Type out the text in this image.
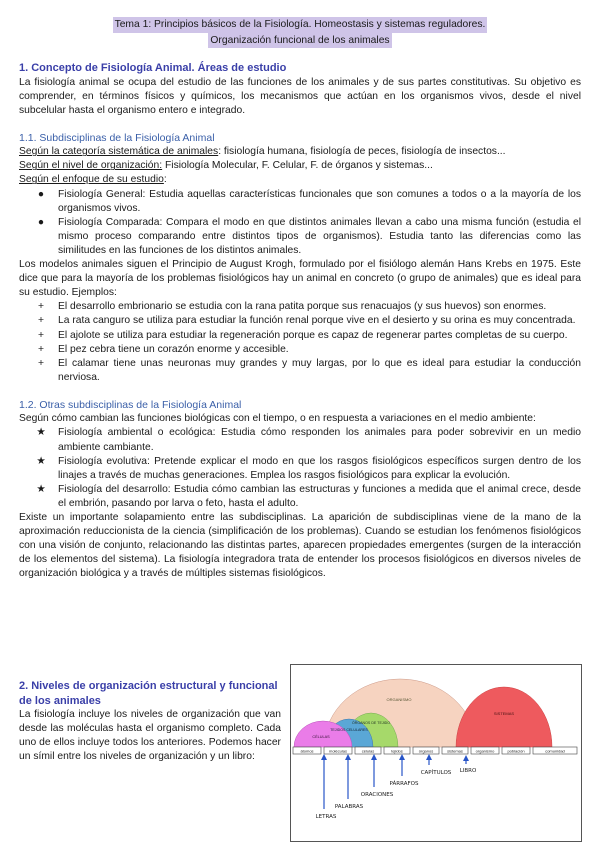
Tema 1: Principios básicos de la Fisiología. Homeostasis y sistemas reguladores.
Organización funcional de los animales
1. Concepto de Fisiología Animal. Áreas de estudio

La fisiología animal se ocupa del estudio de las funciones de los animales y de sus partes constitutivas. Su objetivo es comprender, en términos físicos y químicos, los mecanismos que actúan en los organismos vivos, desde el nivel subcelular hasta el organismo entero e integrado.

1.1. Subdisciplinas de la Fisiología Animal

Según la categoría sistemática de animales: fisiología humana, fisiología de peces, fisiología de insectos...

Según el nivel de organización: Fisiología Molecular, F. Celular, F. de órganos y sistemas...

Según el enfoque de su estudio:

●	Fisiología General: Estudia aquellas características funcionales que son comunes a todos o a la mayoría de los organismos vivos.
●	Fisiología Comparada: Compara el modo en que distintos animales llevan a cabo una misma función (estudia el mismo proceso comparando entre distintos tipos de organismos). Estudia tanto las diferencias como las similitudes en las funciones de los distintos animales.

Los modelos animales siguen el Principio de August Krogh, formulado por el fisiólogo alemán Hans Krebs en 1975. Este dice que para la mayoría de los problemas fisiológicos hay un animal en concreto (o grupo de animales) que es ideal para su estudio. Ejemplos:

+	El desarrollo embrionario se estudia con la rana patita porque sus renacuajos (y sus huevos) son enormes.
+	La rata canguro se utiliza para estudiar la función renal porque vive en el desierto y su orina es muy concentrada.
+	El ajolote se utiliza para estudiar la regeneración porque es capaz de regenerar partes completas de su cuerpo.
+	El pez cebra tiene un corazón enorme y accesible.
+	El calamar tiene unas neuronas muy grandes y muy largas, por lo que es ideal para estudiar la conducción nerviosa.
1.2. Otras subdisciplinas de la Fisiología Animal

Según cómo cambian las funciones biológicas con el tiempo, o en respuesta a variaciones en el medio ambiente:

★	Fisiología ambiental o ecológica: Estudia cómo responden los animales para poder sobrevivir en un medio ambiente cambiante.
★	Fisiología evolutiva: Pretende explicar el modo en que los rasgos fisiológicos específicos surgen dentro de los linajes a través de muchas generaciones. Emplea los rasgos fisiológicos para explicar la evolución.
★	Fisiología del desarrollo: Estudia cómo cambian las estructuras y funciones a medida que el animal crece, desde el embrión, pasando por larva o feto, hasta el adulto.

Existe un importante solapamiento entre las subdisciplinas. La aparición de subdisciplinas viene de la mano de la aproximación reduccionista de la ciencia (simplificación de los problemas). Cuando se estudian los fenómenos fisiológicos con una visión de conjunto, relacionando las distintas partes, aparecen propiedades emergentes (surgen de la interacción de los elementos del sistema). La fisiología integradora trata de entender los procesos fisiológicos en diversos niveles de organización biológica y a través de múltiples sistemas fisiológicos.

2. Niveles de organización estructural y funcional de los animales

La fisiología incluye los niveles de organización que van desde las moléculas hasta el organismo completo. Cada uno de ellos incluye todos los anteriores. Podemos hacer un símil entre los niveles de organización y un libro:

ORGANISMO
SISTEMAS
ÓRGANOS DE TEJIDO
TEJIDOS CELULARES
CÉLULAS
átomos	moléculas	células	tejidos	órganos	sistemas	organismo	población	comunidad
LETRAS
PALABRAS
ORACIONES
PÁRRAFOS
CAPÍTULOS LIBRO
